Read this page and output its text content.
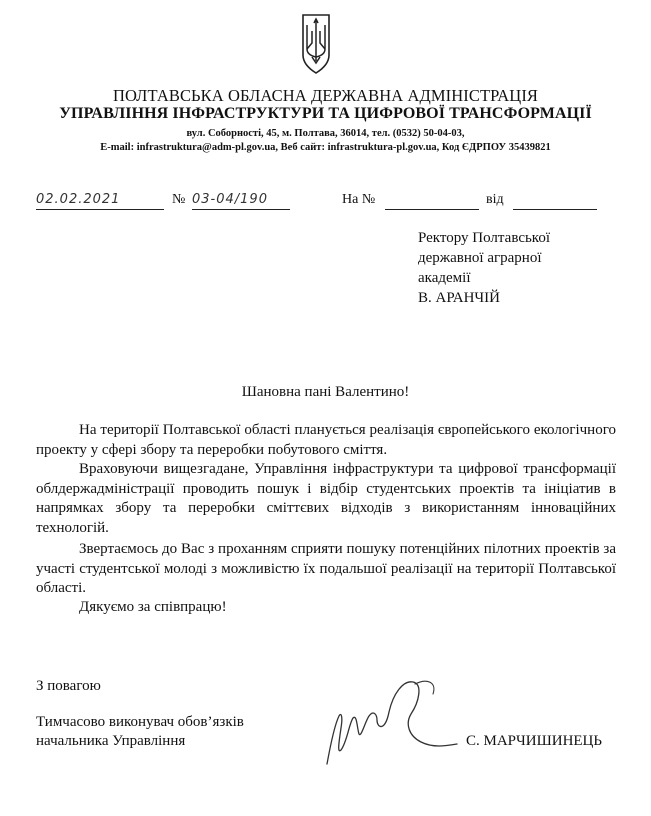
ПОЛТАВСЬКА ОБЛАСНА ДЕРЖАВНА АДМІНІСТРАЦІЯ
УПРАВЛІННЯ ІНФРАСТРУКТУРИ ТА ЦИФРОВОЇ ТРАНСФОРМАЦІЇ
вул. Соборності, 45, м. Полтава, 36014, тел. (0532) 50-04-03,
E-mail: infrastruktura@adm-pl.gov.ua, Веб сайт: infrastruktura-pl.gov.ua, Код ЄДРПОУ 35439821
02.02.2021	№ 03-04/190	На №	від
Ректору Полтавської
державної аграрної
академії
В. АРАНЧІЙ
Шановна пані Валентино!

На території Полтавської області планується реалізація європейського екологічного проекту у сфері збору та переробки побутового сміття.

Враховуючи вищезгадане, Управління інфраструктури та цифрової трансформації облдержадміністрації проводить пошук і відбір студентських проектів та ініціатив в напрямках збору та переробки сміттєвих відходів з використанням інноваційних технологій.

Звертаємось до Вас з проханням сприяти пошуку потенційних пілотних проектів за участі студентської молоді з можливістю їх подальшої реалізації на території Полтавської області.

Дякуємо за співпрацю!

З повагою
Тимчасово виконувач обов’язків
начальника Управління	С. МАРЧИШИНЕЦЬ
